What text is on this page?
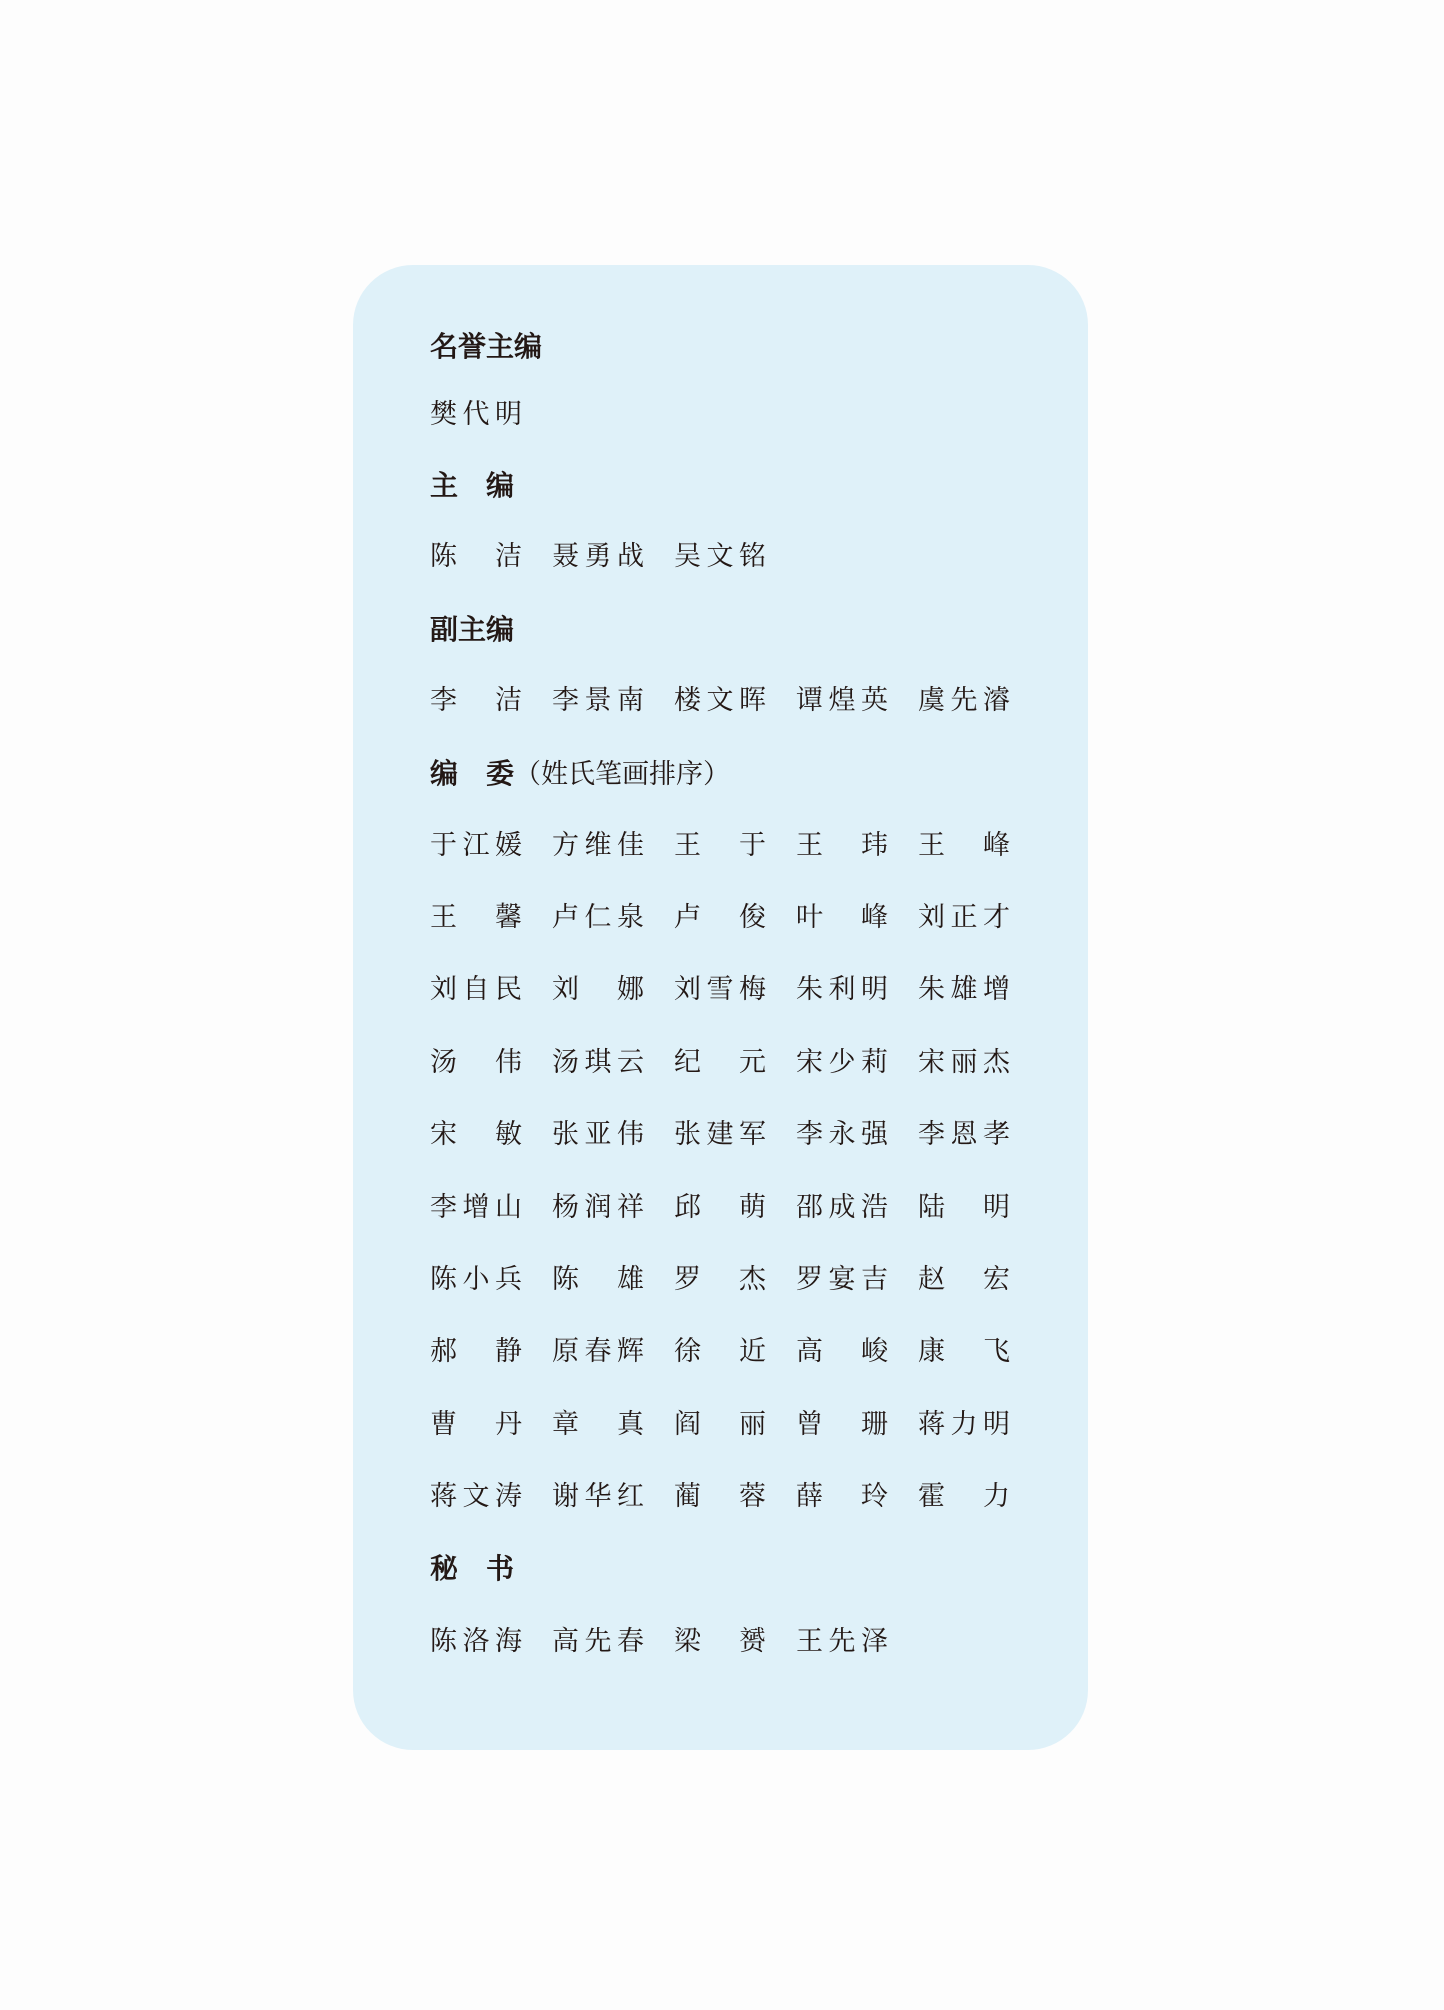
名誉主编
樊 代 明
主　编
陈
　 洁 聂 勇 战 吴 文 铭
副主编
李
　 洁 李 景 南 楼 文 晖 谭 煌 英 虞 先 濬
编　委（姓氏笔画排序）
于 江 媛 方 维 佳 王
　 于 王
　 玮 王
　 峰
王
　 馨 卢 仁 泉 卢
　 俊 叶
　 峰 刘 正 才
刘 自 民 刘
　 娜 刘 雪 梅 朱 利 明 朱 雄 增
汤
　 伟 汤 琪 云 纪
　 元 宋 少 莉 宋 丽 杰
宋
　 敏 张 亚 伟 张 建 军 李 永 强 李 恩 孝
李 增 山 杨 润 祥 邱
　 萌 邵 成 浩 陆
　 明
陈 小 兵 陈
　 雄 罗
　 杰 罗 宴 吉 赵
　 宏
郝
　 静 原 春 辉 徐
　 近 高
　 峻 康
　 飞
曹
　 丹 章
　 真 阎
　 丽 曾
　 珊 蒋 力 明
蒋 文 涛 谢 华 红 蔺
　 蓉 薛
　 玲 霍
　 力
秘　书
陈 洛 海 高 先 春 梁
　 赟 王 先 泽
